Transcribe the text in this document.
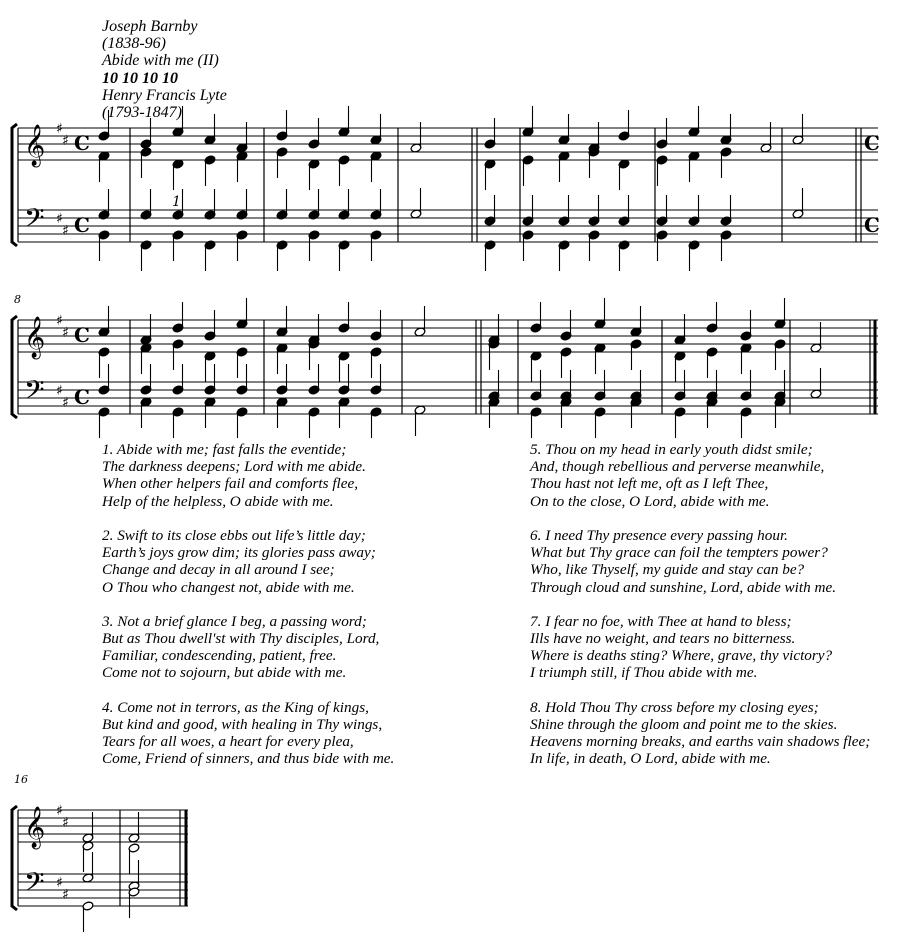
Joseph Barnby
(1838-96)
Abide with me (II)
10 10 10 10
Henry Francis Lyte
(1793-1847)
𝄞
𝄢
♯
♯
♯
♯
C
C
C
C
1
8
𝄞
𝄢
♯
♯
♯
♯
C
C
16
𝄞
𝄢
♯
♯
♯
♯
1. Abide with me; fast falls the eventide;
The darkness deepens; Lord with me abide.
When other helpers fail and comforts flee,
Help of the helpless, O abide with me.
2. Swift to its close ebbs out life’s little day;
Earth’s joys grow dim; its glories pass away;
Change and decay in all around I see;
O Thou who changest not, abide with me.
3. Not a brief glance I beg, a passing word;
But as Thou dwell'st with Thy disciples, Lord,
Familiar, condescending, patient, free.
Come not to sojourn, but abide with me.
4. Come not in terrors, as the King of kings,
But kind and good, with healing in Thy wings,
Tears for all woes, a heart for every plea,
Come, Friend of sinners, and thus bide with me.
5. Thou on my head in early youth didst smile;
And, though rebellious and perverse meanwhile,
Thou hast not left me, oft as I left Thee,
On to the close, O Lord, abide with me.
6. I need Thy presence every passing hour.
What but Thy grace can foil the tempters power?
Who, like Thyself, my guide and stay can be?
Through cloud and sunshine, Lord, abide with me.
7. I fear no foe, with Thee at hand to bless;
Ills have no weight, and tears no bitterness.
Where is deaths sting? Where, grave, thy victory?
I triumph still, if Thou abide with me.
8. Hold Thou Thy cross before my closing eyes;
Shine through the gloom and point me to the skies.
Heavens morning breaks, and earths vain shadows flee;
In life, in death, O Lord, abide with me.
